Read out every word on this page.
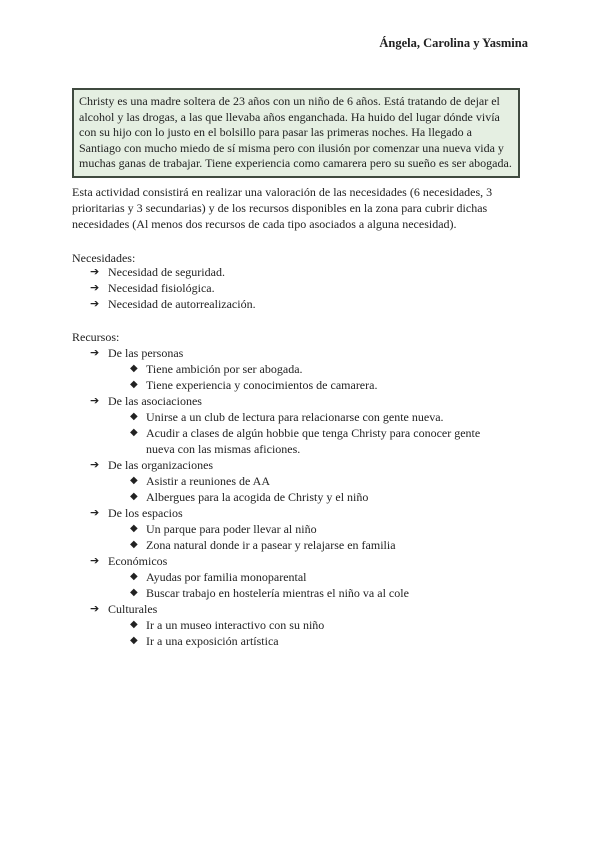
Ángela, Carolina y Yasmina
Christy es una madre soltera de 23 años con un niño de 6 años. Está tratando de dejar el alcohol y las drogas, a las que llevaba años enganchada. Ha huido del lugar dónde vivía con su hijo con lo justo en el bolsillo para pasar las primeras noches. Ha llegado a Santiago con mucho miedo de sí misma pero con ilusión por comenzar una nueva vida y muchas ganas de trabajar. Tiene experiencia como camarera pero su sueño es ser abogada.
Esta actividad consistirá en realizar una valoración de las necesidades (6 necesidades, 3 prioritarias y 3 secundarias) y de los recursos disponibles en la zona para cubrir dichas necesidades (Al menos dos recursos de cada tipo asociados a alguna necesidad).
Necesidades:
➔ Necesidad de seguridad.
➔ Necesidad fisiológica.
➔ Necesidad de autorrealización.
Recursos:
➔ De las personas
◆ Tiene ambición por ser abogada.
◆ Tiene experiencia y conocimientos de camarera.
➔ De las asociaciones
◆ Unirse a un club de lectura para relacionarse con gente nueva.
◆ Acudir a clases de algún hobbie que tenga Christy para conocer gente nueva con las mismas aficiones.
➔ De las organizaciones
◆ Asistir a reuniones de AA
◆ Albergues para la acogida de Christy y el niño
➔ De los espacios
◆ Un parque para poder llevar al niño
◆ Zona natural donde ir a pasear y relajarse en familia
➔ Económicos
◆ Ayudas por familia monoparental
◆ Buscar trabajo en hostelería mientras el niño va al cole
➔ Culturales
◆ Ir a un museo interactivo con su niño
◆ Ir a una exposición artística
